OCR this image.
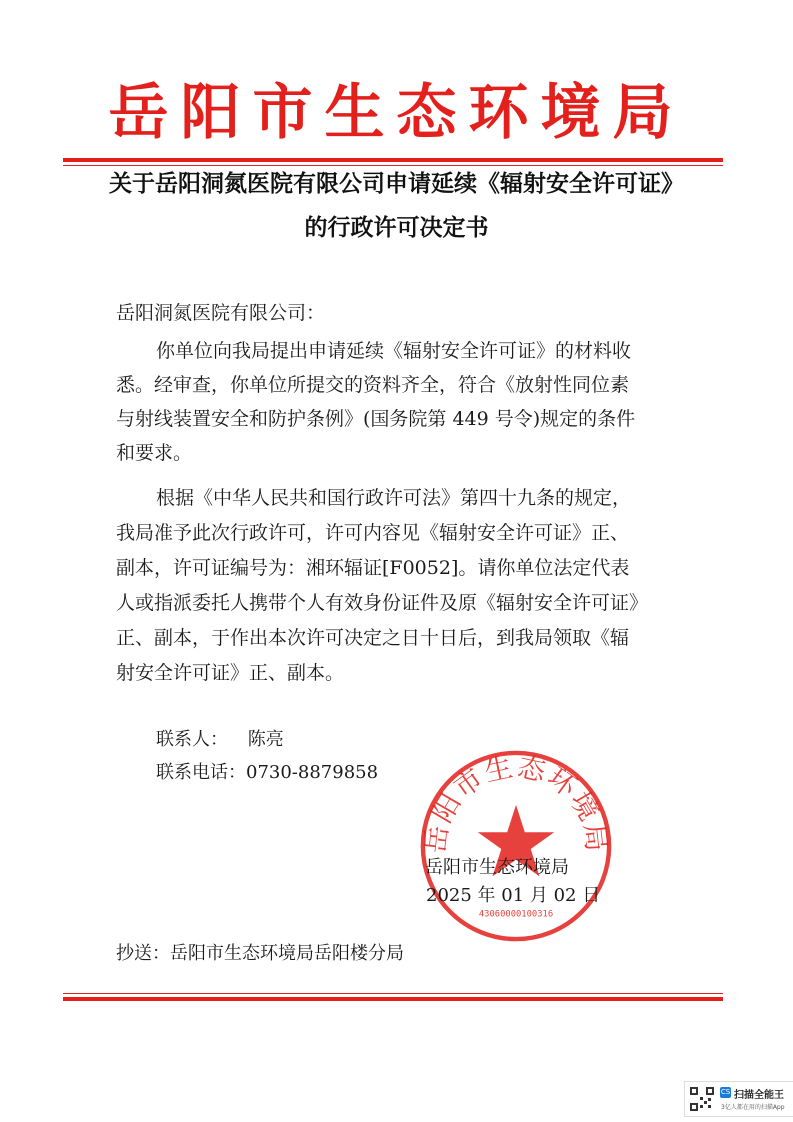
岳阳市生态环境局
关于岳阳洞氮医院有限公司申请延续《辐射安全许可证》
的行政许可决定书
岳阳洞氮医院有限公司：
你单位向我局提出申请延续《辐射安全许可证》的材料收
悉。经审查，你单位所提交的资料齐全，符合《放射性同位素
与射线装置安全和防护条例》(国务院第 449 号令)规定的条件
和要求。
根据《中华人民共和国行政许可法》第四十九条的规定，
我局准予此次行政许可，许可内容见《辐射安全许可证》正、
副本，许可证编号为：湘环辐证[F0052]。请你单位法定代表
人或指派委托人携带个人有效身份证件及原《辐射安全许可证》
正、副本，于作出本次许可决定之日十日后，到我局领取《辐
射安全许可证》正、副本。
联系人： 陈亮
联系电话：0730-8879858
岳阳市生态环境局
43060000100316
岳阳市生态环境局
2025 年 01 月 02 日
抄送：岳阳市生态环境局岳阳楼分局
CS 扫描全能王
3亿人都在用的扫描App
